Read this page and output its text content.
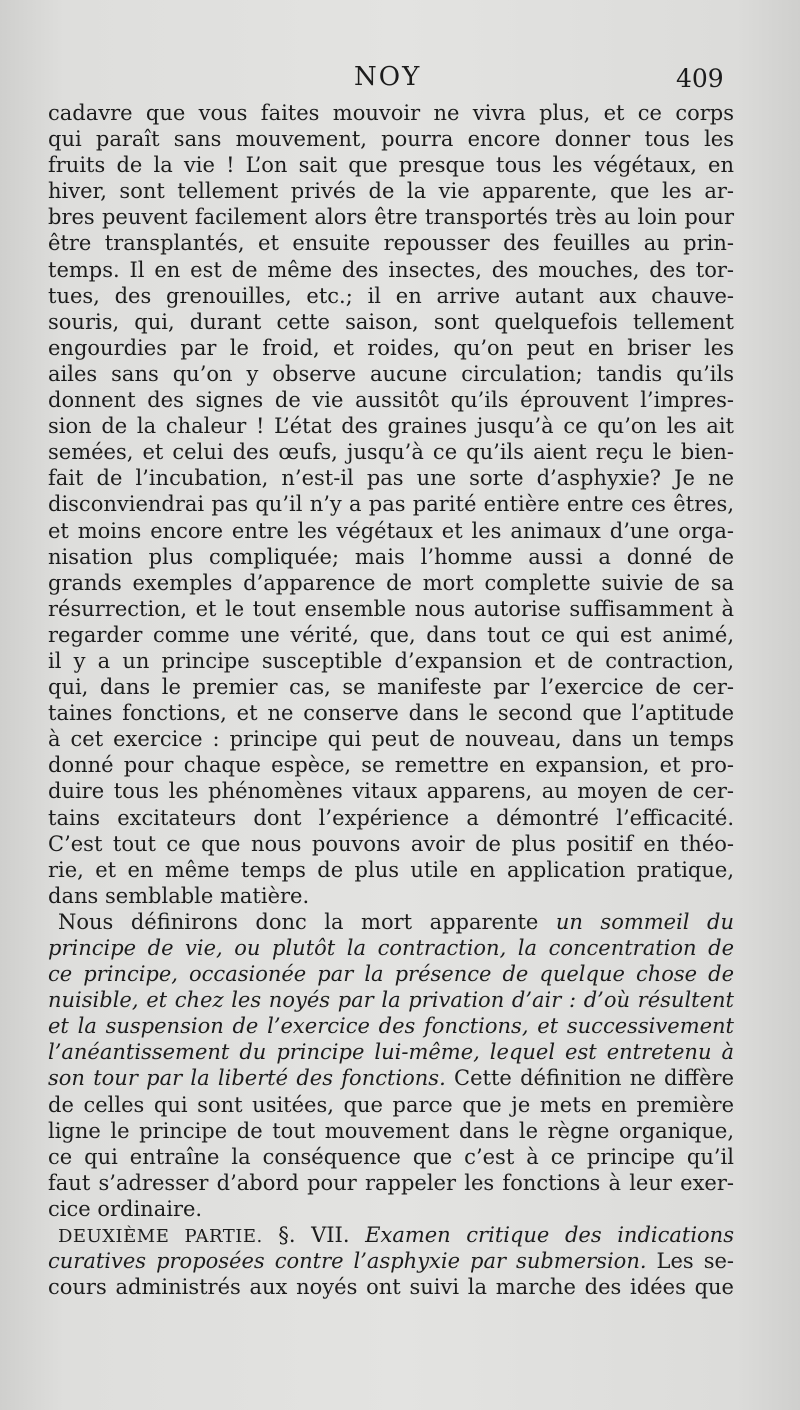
NOY	409
cadavre que vous faites mouvoir ne vivra plus, et ce corps
qui paraît sans mouvement, pourra encore donner tous les
fruits de la vie ! L’on sait que presque tous les végétaux, en
hiver, sont tellement privés de la vie apparente, que les ar-
bres peuvent facilement alors être transportés très au loin pour
être transplantés, et ensuite repousser des feuilles au prin-
temps. Il en est de même des insectes, des mouches, des tor-
tues, des grenouilles, etc.; il en arrive autant aux chauve-
souris, qui, durant cette saison, sont quelquefois tellement
engourdies par le froid, et roides, qu’on peut en briser les
ailes sans qu’on y observe aucune circulation; tandis qu’ils
donnent des signes de vie aussitôt qu’ils éprouvent l’impres-
sion de la chaleur ! L’état des graines jusqu’à ce qu’on les ait
semées, et celui des œufs, jusqu’à ce qu’ils aient reçu le bien-
fait de l’incubation, n’est-il pas une sorte d’asphyxie? Je ne
disconviendrai pas qu’il n’y a pas parité entière entre ces êtres,
et moins encore entre les végétaux et les animaux d’une orga-
nisation plus compliquée; mais l’homme aussi a donné de
grands exemples d’apparence de mort complette suivie de sa
résurrection, et le tout ensemble nous autorise suffisamment à
regarder comme une vérité, que, dans tout ce qui est animé,
il y a un principe susceptible d’expansion et de contraction,
qui, dans le premier cas, se manifeste par l’exercice de cer-
taines fonctions, et ne conserve dans le second que l’aptitude
à cet exercice : principe qui peut de nouveau, dans un temps
donné pour chaque espèce, se remettre en expansion, et pro-
duire tous les phénomènes vitaux apparens, au moyen de cer-
tains excitateurs dont l’expérience a démontré l’efficacité.
C’est tout ce que nous pouvons avoir de plus positif en théo-
rie, et en même temps de plus utile en application pratique,
dans semblable matière.
Nous définirons donc la mort apparente un sommeil du
principe de vie, ou plutôt la contraction, la concentration de
ce principe, occasionée par la présence de quelque chose de
nuisible, et chez les noyés par la privation d’air : d’où résultent
et la suspension de l’exercice des fonctions, et successivement
l’anéantissement du principe lui-même, lequel est entretenu à
son tour par la liberté des fonctions. Cette définition ne diffère
de celles qui sont usitées, que parce que je mets en première
ligne le principe de tout mouvement dans le règne organique,
ce qui entraîne la conséquence que c’est à ce principe qu’il
faut s’adresser d’abord pour rappeler les fonctions à leur exer-
cice ordinaire.
DEUXIÈME PARTIE. §. VII. Examen critique des indications
curatives proposées contre l’asphyxie par submersion. Les se-
cours administrés aux noyés ont suivi la marche des idées que
